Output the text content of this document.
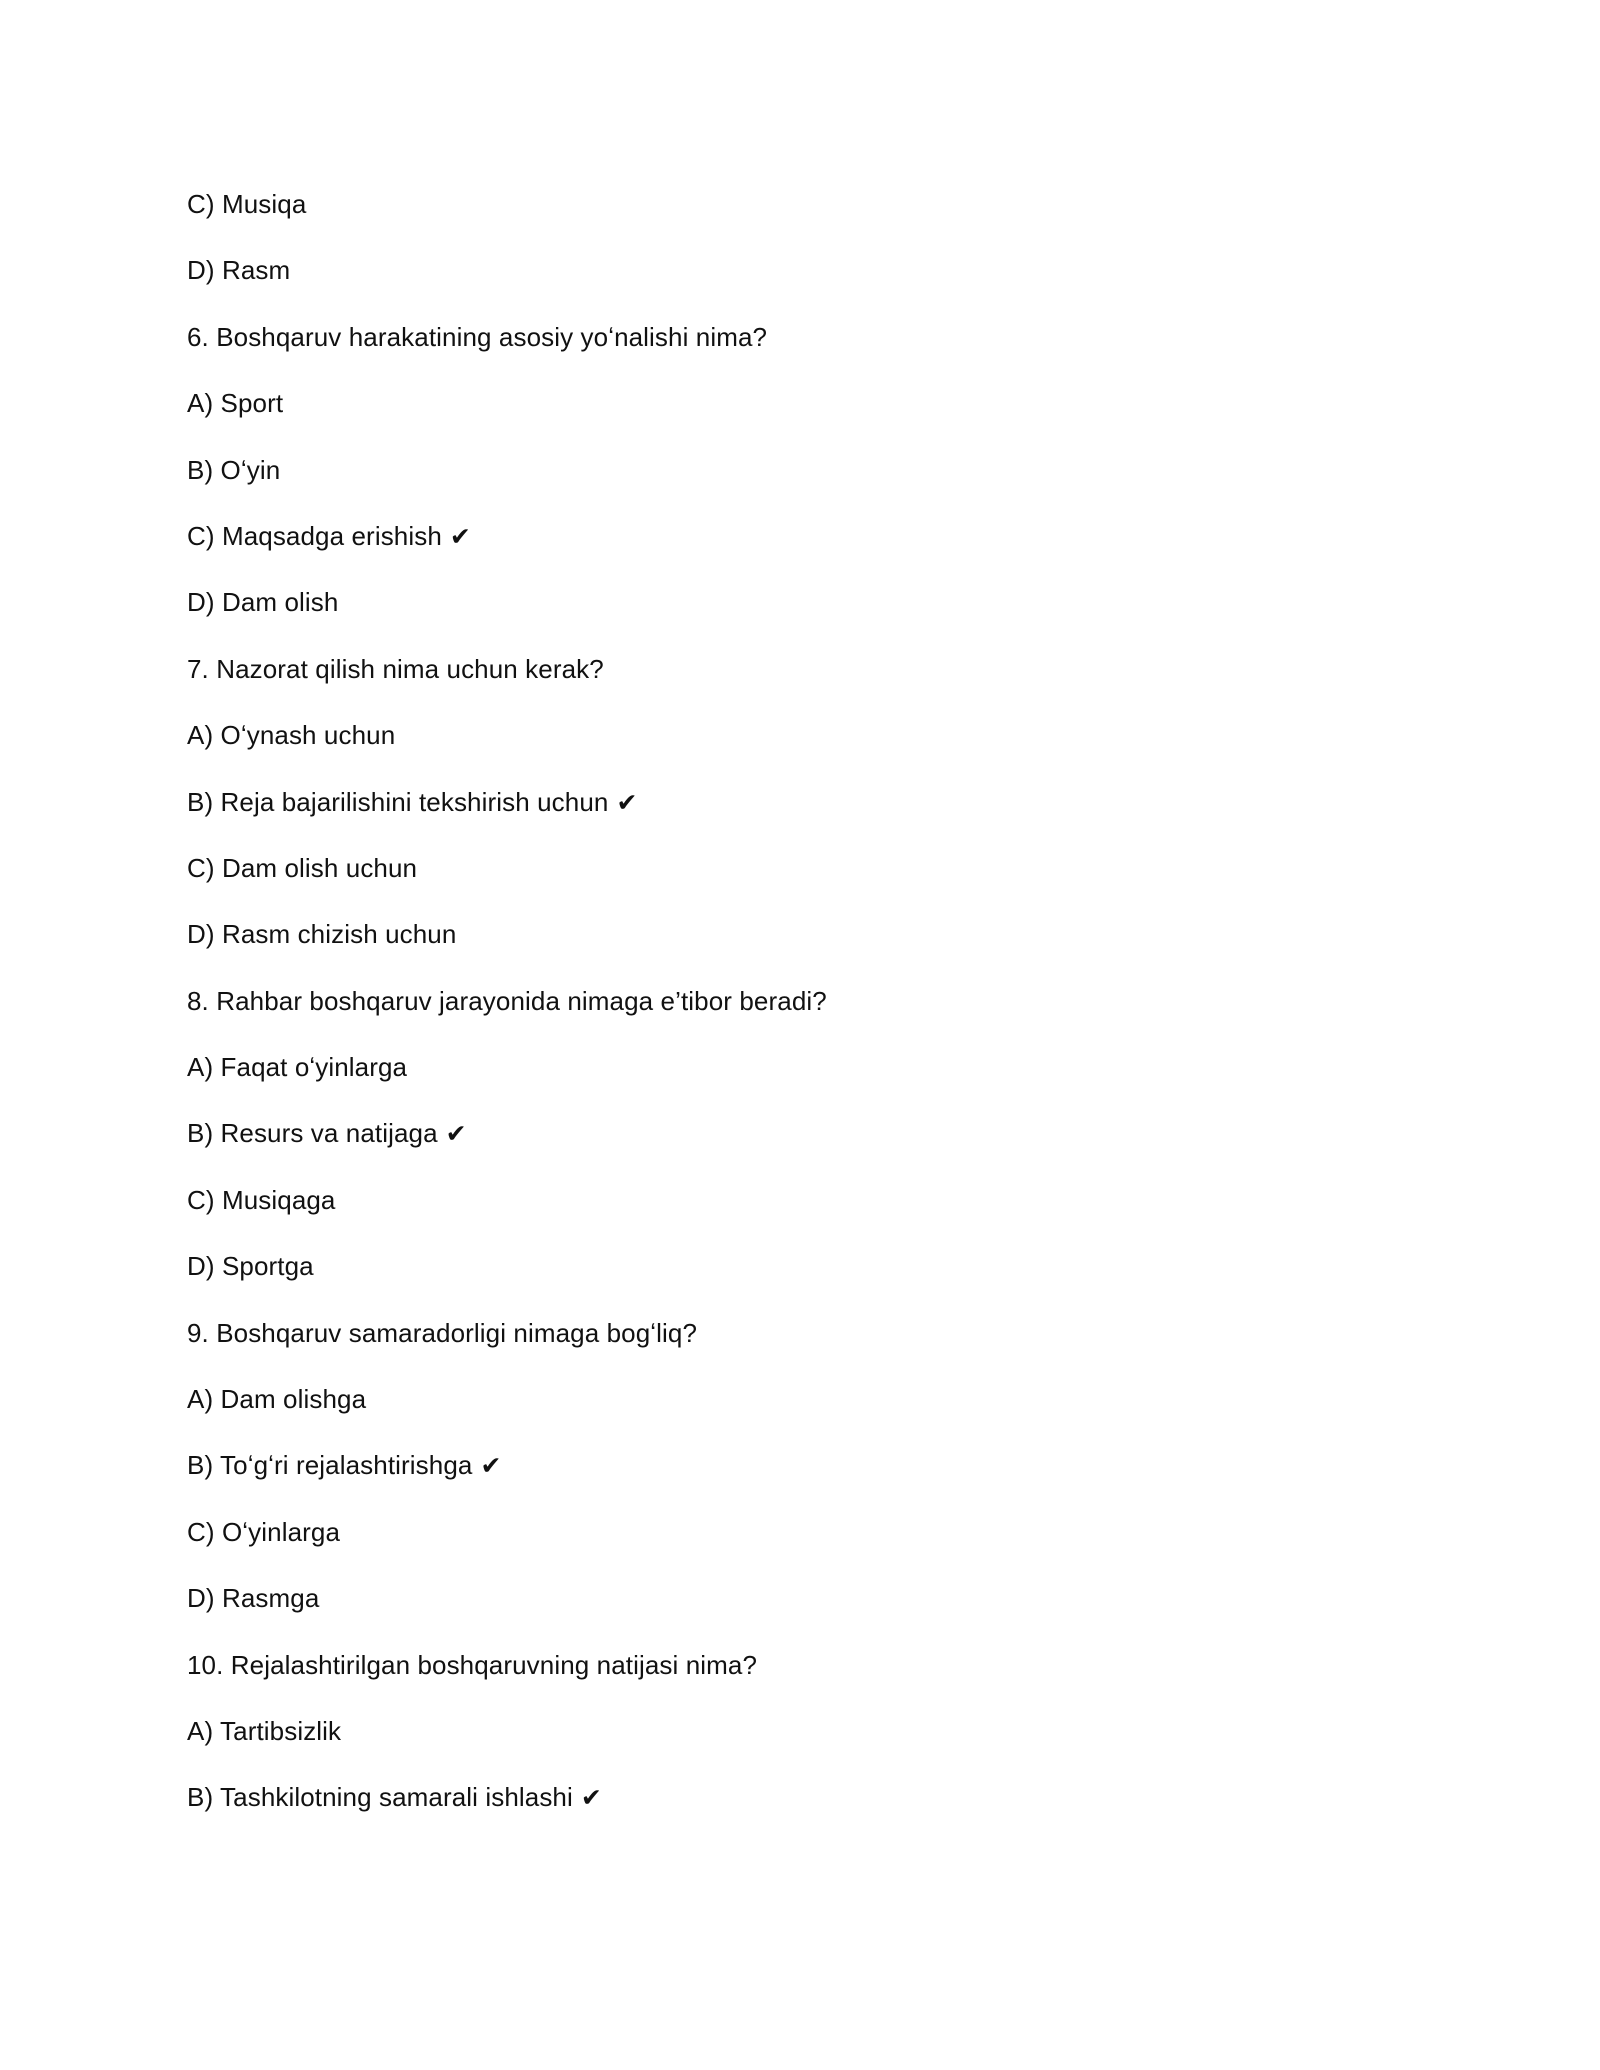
C) Musiqa
D) Rasm
6. Boshqaruv harakatining asosiy yoʻnalishi nima?
A) Sport
B) Oʻyin
C) Maqsadga erishish ✔
D) Dam olish
7. Nazorat qilish nima uchun kerak?
A) Oʻynash uchun
B) Reja bajarilishini tekshirish uchun ✔
C) Dam olish uchun
D) Rasm chizish uchun
8. Rahbar boshqaruv jarayonida nimaga e’tibor beradi?
A) Faqat oʻyinlarga
B) Resurs va natijaga ✔
C) Musiqaga
D) Sportga
9. Boshqaruv samaradorligi nimaga bogʻliq?
A) Dam olishga
B) Toʻgʻri rejalashtirishga ✔
C) Oʻyinlarga
D) Rasmga
10. Rejalashtirilgan boshqaruvning natijasi nima?
A) Tartibsizlik
B) Tashkilotning samarali ishlashi ✔
